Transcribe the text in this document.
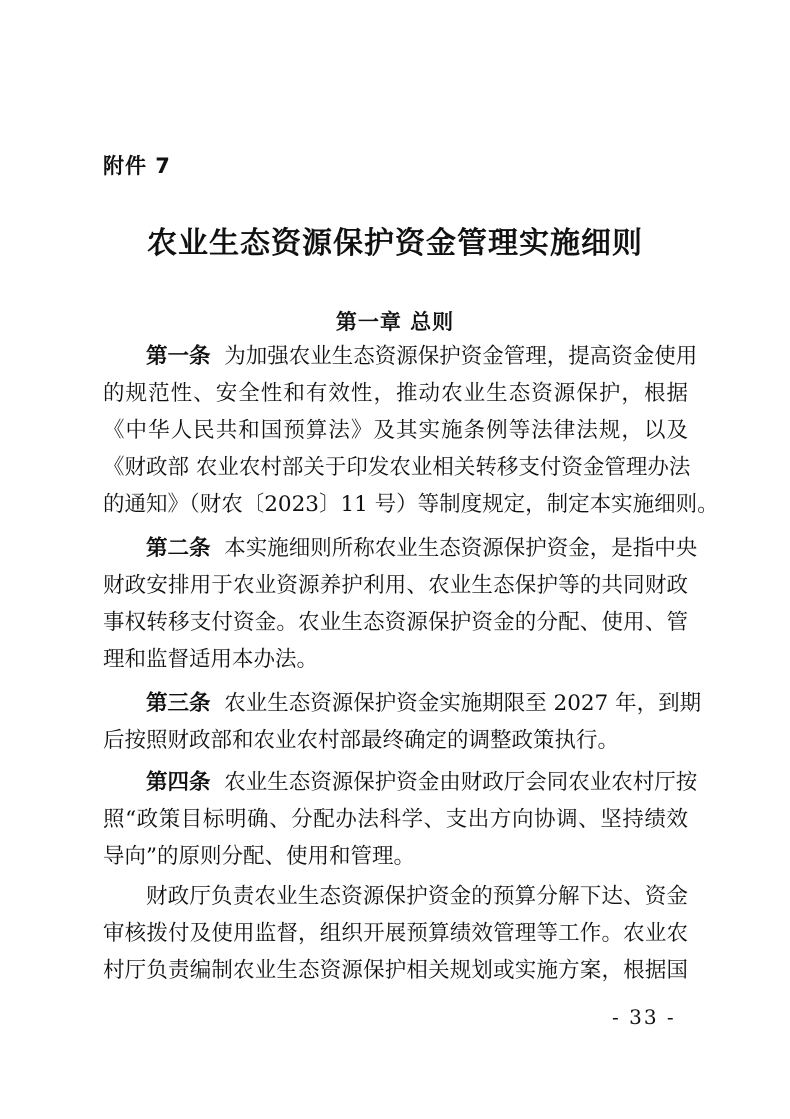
附件 7
农业生态资源保护资金管理实施细则
第一章 总则
第一条 为加强农业生态资源保护资金管理，提高资金使用
的规范性、安全性和有效性，推动农业生态资源保护，根据
《中华人民共和国预算法》及其实施条例等法律法规，以及
《财政部 农业农村部关于印发农业相关转移支付资金管理办法
的通知》（财农〔2023〕11 号）等制度规定，制定本实施细则。
第二条 本实施细则所称农业生态资源保护资金，是指中央
财政安排用于农业资源养护利用、农业生态保护等的共同财政
事权转移支付资金。农业生态资源保护资金的分配、使用、管
理和监督适用本办法。
第三条 农业生态资源保护资金实施期限至 2027 年，到期
后按照财政部和农业农村部最终确定的调整政策执行。
第四条 农业生态资源保护资金由财政厅会同农业农村厅按
照“政策目标明确、分配办法科学、支出方向协调、坚持绩效
导向”的原则分配、使用和管理。
财政厅负责农业生态资源保护资金的预算分解下达、资金
审核拨付及使用监督，组织开展预算绩效管理等工作。农业农
村厅负责编制农业生态资源保护相关规划或实施方案，根据国
- 33 -
